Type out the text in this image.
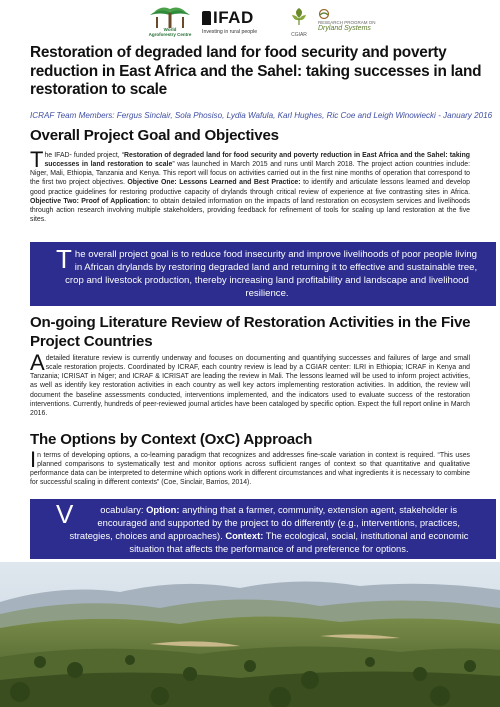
World
Agroforestry Centre
IFAD
Investing in rural people	CGIAR
RESEARCH PROGRAM ON
Dryland Systems
Restoration of degraded land for food security and poverty reduction in East Africa and the Sahel: taking successes in land restoration to scale
ICRAF Team Members: Fergus Sinclair, Sola Phosiso, Lydia Wafula, Karl Hughes, Ric Coe and Leigh Winowiecki - January 2016
Overall Project Goal and Objectives
The IFAD- funded project, “Restoration of degraded land for food security and poverty reduction in East Africa and the Sahel: taking successes in land restoration to scale” was launched in March 2015 and runs until March 2018. The project action countries include: Niger, Mali, Ethiopia, Tanzania and Kenya. This report will focus on activities carried out in the first nine months of operation that correspond to the first two project objectives. Objective One: Lessons Learned and Best Practice: to identify and articulate lessons learned and develop good practice guidelines for restoring productive capacity of drylands through critical review of experience at five contrasting sites in Africa. Objective Two: Proof of Application: to obtain detailed information on the impacts of land restoration on ecosystem services and livelihoods through action research involving multiple stakeholders, providing feedback for refinement of tools for scaling up land restoration at the five sites.
The overall project goal is to reduce food insecurity and improve livelihoods of poor people living in African drylands by restoring degraded land and returning it to effective and sustainable tree, crop and livestock production, thereby increasing land profitability and landscape and livelihood resilience.
On-going Literature Review of Restoration Activities in the Five Project Countries
A detailed literature review is currently underway and focuses on documenting and quantifying successes and failures of large and small scale restoration projects. Coordinated by ICRAF, each country review is lead by a CGIAR center: ILRI in Ethiopia; ICRAF in Kenya and Tanzania; ICRISAT in Niger; and ICRAF & ICRISAT are leading the review in Mali. The lessons learned will be used to inform project activities, as well as identify key restoration activities in each country as well key actors implementing restoration activities. In addition, the review will document the baseline assessments conducted, interventions implemented, and the indicators used to evaluate success of the restoration interventions. Currently, hundreds of peer-reviewed journal articles have been cataloged by specific option. Expect the full report online in March 2016.
The Options by Context (OxC) Approach
In terms of developing options, a co-learning paradigm that recognizes and addresses fine-scale variation in context is required. “This uses planned comparisons to systematically test and monitor options across sufficient ranges of context so that quantitative and qualitative performance data can be interpreted to determine which options work in different circumstances and what ingredients it is necessary to combine for successful scaling in different contexts” (Coe, Sinclair, Barrios, 2014).
V	ocabulary: Option: anything that a farmer, community, extension agent, stakeholder is encouraged and supported by the project to do differently (e.g., interventions, practices, strategies, choices and approaches). Context: The ecological, social, institutional and economic situation that affects the performance of and preference for options.
